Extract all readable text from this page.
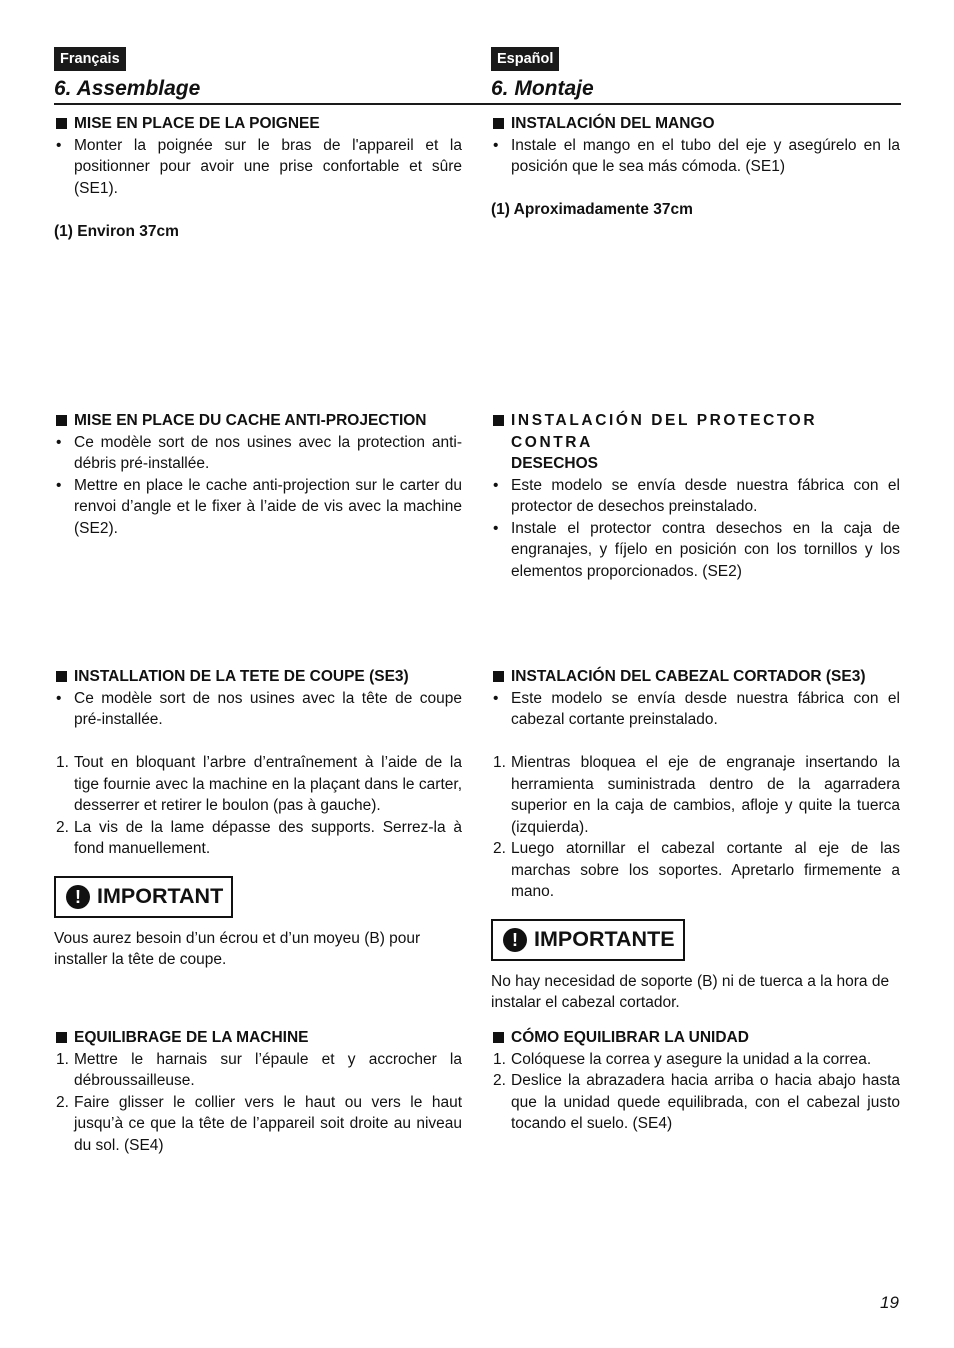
Français
6. Assemblage
MISE EN PLACE DE LA POIGNEE
• Monter la poignée sur le bras de l'appareil et la positionner pour avoir une prise confortable et sûre (SE1).
(1) Environ 37cm
MISE EN PLACE DU CACHE ANTI-PROJECTION
• Ce modèle sort de nos usines avec la protection anti-débris pré-installée.
• Mettre en place le cache anti-projection sur le carter du renvoi d’angle et le fixer à l’aide de vis avec la machine (SE2).
INSTALLATION DE LA TETE DE COUPE (SE3)
• Ce modèle sort de nos usines avec la tête de coupe pré-installée.
1. Tout en bloquant l’arbre d’entraînement à l’aide de la tige fournie avec la machine en la plaçant dans le carter, desserrer et retirer le boulon (pas à gauche).
2. La vis de la lame dépasse des supports. Serrez-la à fond manuellement.
! IMPORTANT
Vous aurez besoin d’un écrou et d’un moyeu (B) pour installer la tête de coupe.
EQUILIBRAGE DE LA MACHINE
1. Mettre le harnais sur l’épaule et y accrocher la débroussailleuse.
2. Faire glisser le collier vers le haut ou vers le haut jusqu’à ce que la tête de l’appareil soit droite au niveau du sol. (SE4)
Español
6. Montaje
INSTALACIÓN DEL MANGO
• Instale el mango en el tubo del eje y asegúrelo en la posición que le sea más cómoda. (SE1)
(1) Aproximadamente 37cm
INSTALACIÓN DEL PROTECTOR CONTRA
DESECHOS
• Este modelo se envía desde nuestra fábrica con el protector de desechos preinstalado.
• Instale el protector contra desechos en la caja de engranajes, y fíjelo en posición con los tornillos y los elementos proporcionados. (SE2)
INSTALACIÓN DEL CABEZAL CORTADOR (SE3)
• Este modelo se envía desde nuestra fábrica con el cabezal cortante preinstalado.
1. Mientras bloquea el eje de engranaje insertando la herramienta suministrada dentro de la agarradera superior en la caja de cambios, afloje y quite la tuerca (izquierda).
2. Luego atornillar el cabezal cortante al eje de las marchas sobre los soportes. Apretarlo firmemente a mano.
! IMPORTANTE
No hay necesidad de soporte (B) ni de tuerca a la hora de instalar el cabezal cortador.
CÓMO EQUILIBRAR LA UNIDAD
1. Colóquese la correa y asegure la unidad a la correa.
2. Deslice la abrazadera hacia arriba o hacia abajo hasta que la unidad quede equilibrada, con el cabezal justo tocando el suelo. (SE4)
19
